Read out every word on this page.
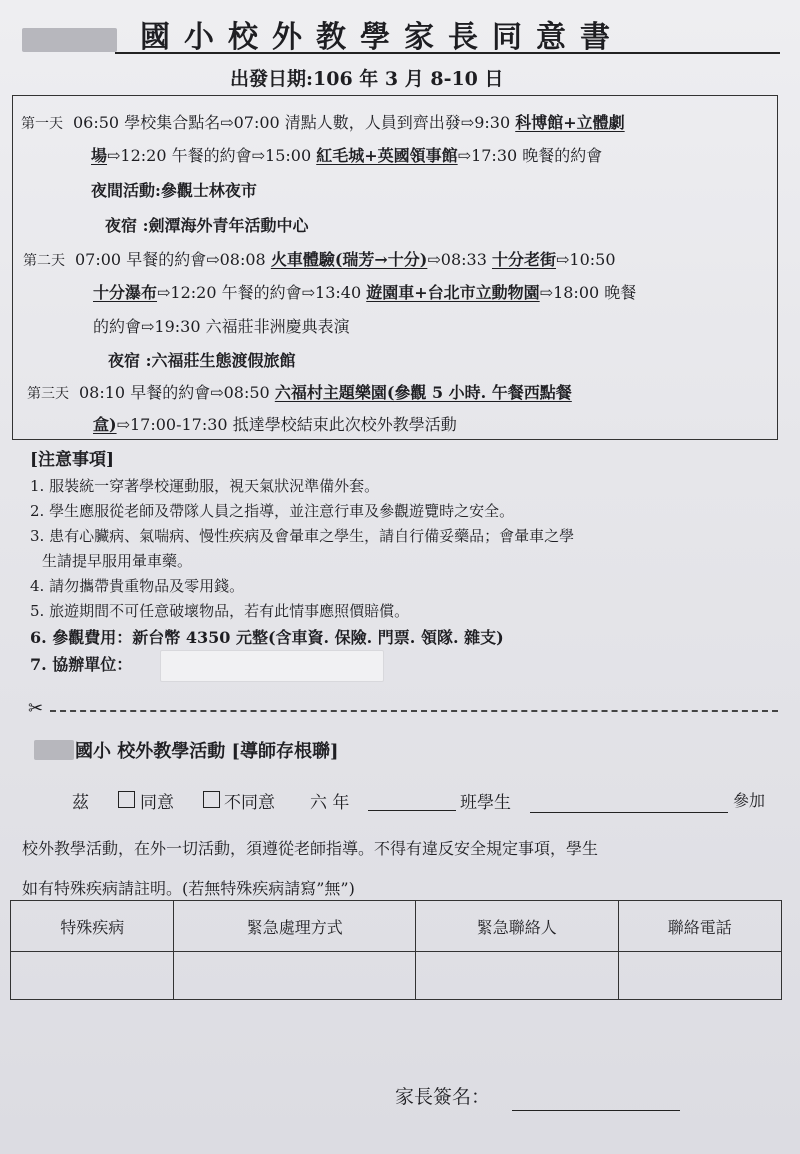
國小校外教學家長同意書
出發日期:106 年 3 月 8-10 日
第一天 06:50 學校集合點名⇨07:00 清點人數，人員到齊出發⇨9:30 科博館+立體劇
場⇨12:20 午餐的約會⇨15:00 紅毛城+英國領事館⇨17:30 晚餐的約會
夜間活動:參觀士林夜市
夜宿 :劍潭海外青年活動中心
第二天 07:00 早餐的約會⇨08:08 火車體驗(瑞芳→十分)⇨08:33 十分老街⇨10:50
十分瀑布⇨12:20 午餐的約會⇨13:40 遊園車+台北市立動物園⇨18:00 晚餐
的約會⇨19:30 六福莊非洲慶典表演
夜宿 :六福莊生態渡假旅館
第三天 08:10 早餐的約會⇨08:50 六福村主題樂園(參觀 5 小時. 午餐西點餐
盒)⇨17:00-17:30 抵達學校結束此次校外教學活動
[注意事項]
1. 服裝統一穿著學校運動服，視天氣狀況準備外套。
2. 學生應服從老師及帶隊人員之指導，並注意行車及參觀遊覽時之安全。
3. 患有心臟病、氣喘病、慢性疾病及會暈車之學生，請自行備妥藥品；會暈車之學
生請提早服用暈車藥。
4. 請勿攜帶貴重物品及零用錢。
5. 旅遊期間不可任意破壞物品，若有此情事應照價賠償。
6. 參觀費用：新台幣 4350 元整(含車資. 保險. 門票. 領隊. 雜支)
7. 協辦單位：
✂
國小 校外教學活動 [導師存根聯]
茲	同意	不同意 六 年	班學生	參加
校外教學活動，在外一切活動，須遵從老師指導。不得有違反安全規定事項，學生
如有特殊疾病請註明。(若無特殊疾病請寫”無”)
特殊疾病	緊急處理方式	緊急聯絡人	聯絡電話

家長簽名：
